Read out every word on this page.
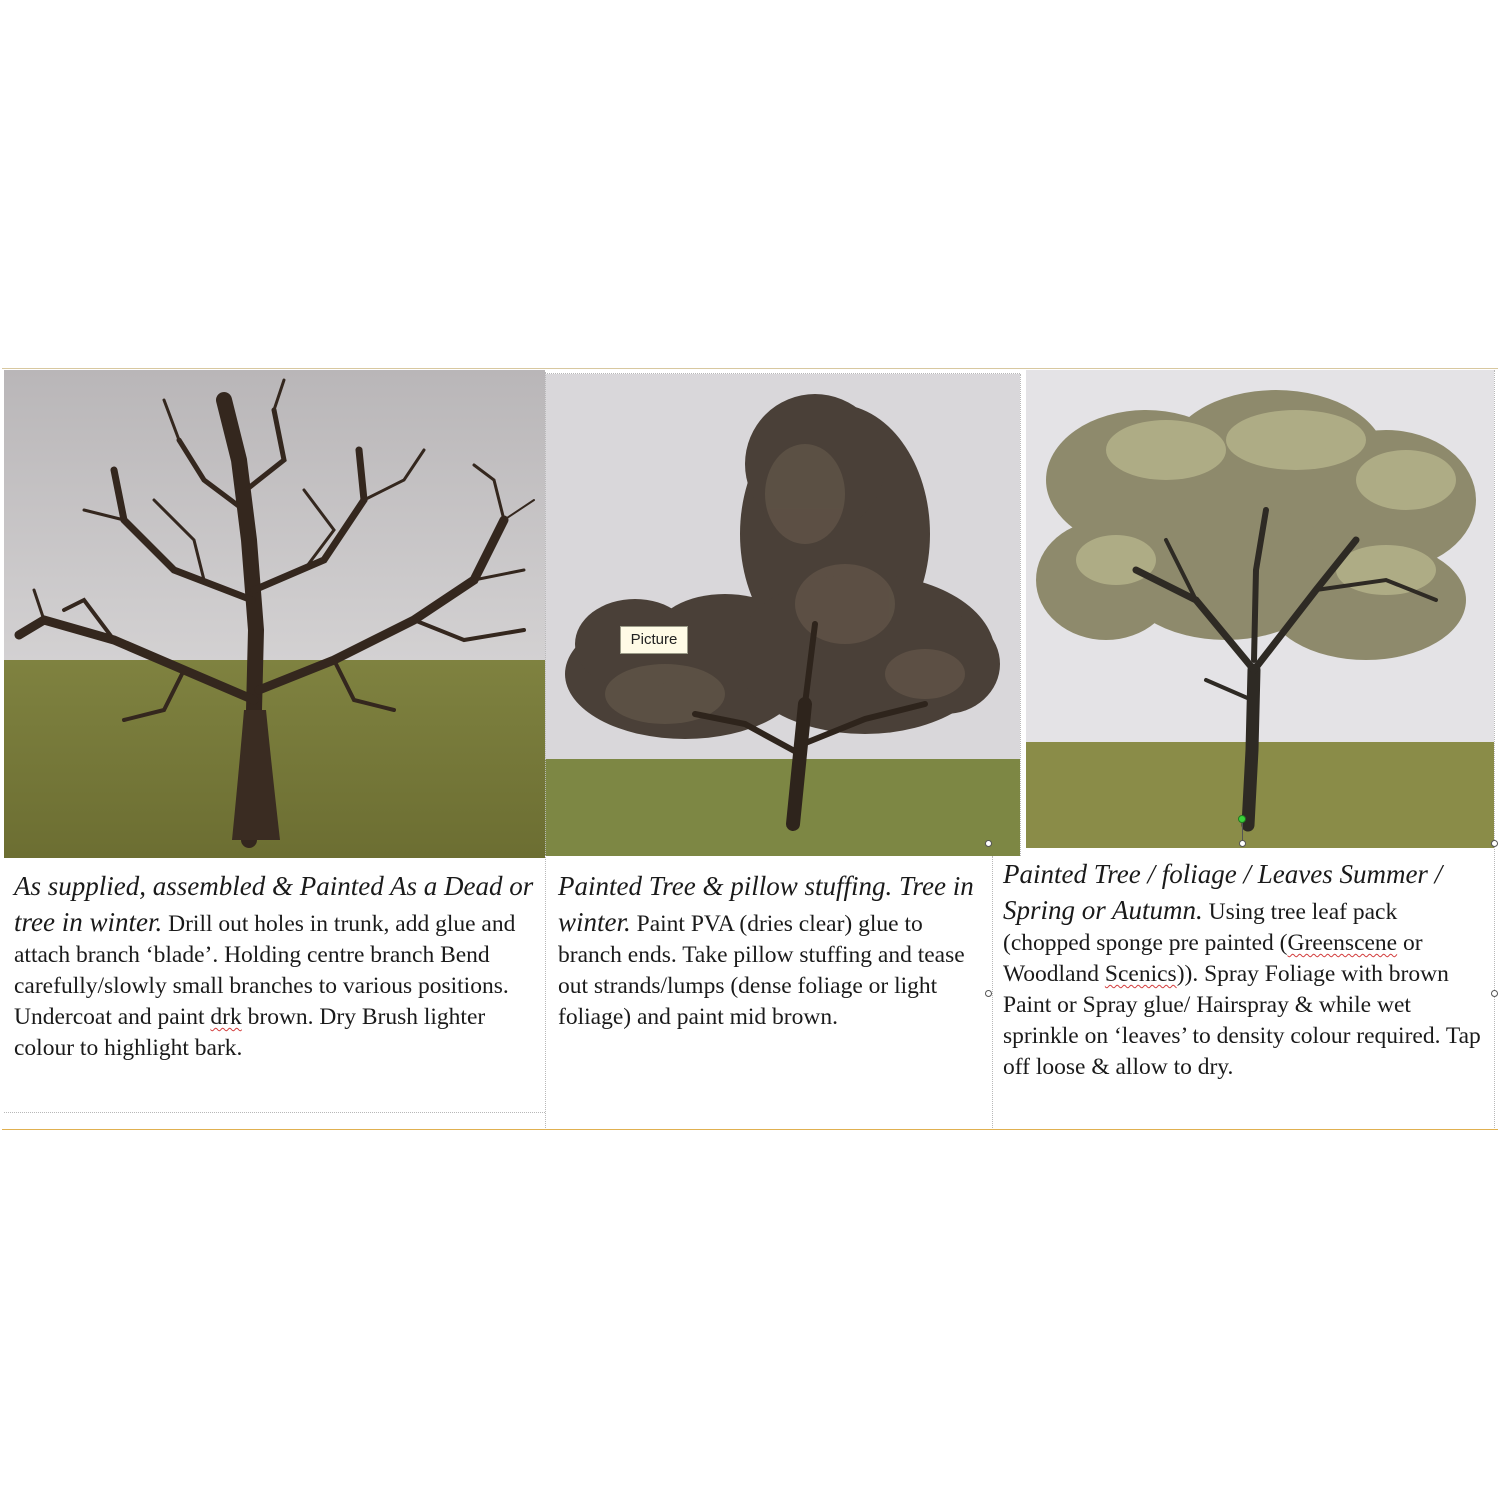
As supplied, assembled & Painted As a Dead or tree in winter. Drill out holes in trunk, add glue and attach branch ‘blade’. Holding centre branch Bend carefully/slowly small branches to various positions. Undercoat and paint drk brown. Dry Brush lighter colour to highlight bark.

Painted Tree & pillow stuffing. Tree in winter. Paint PVA (dries clear) glue to branch ends. Take pillow stuffing and tease out strands/lumps (dense foliage or light foliage) and paint mid brown.

Painted Tree / foliage / Leaves Summer / Spring or Autumn. Using tree leaf pack (chopped sponge pre painted (Greenscene or Woodland Scenics)). Spray Foliage with brown Paint or Spray glue/ Hairspray & while wet sprinkle on ‘leaves’ to density colour required. Tap off loose & allow to dry.

Picture
